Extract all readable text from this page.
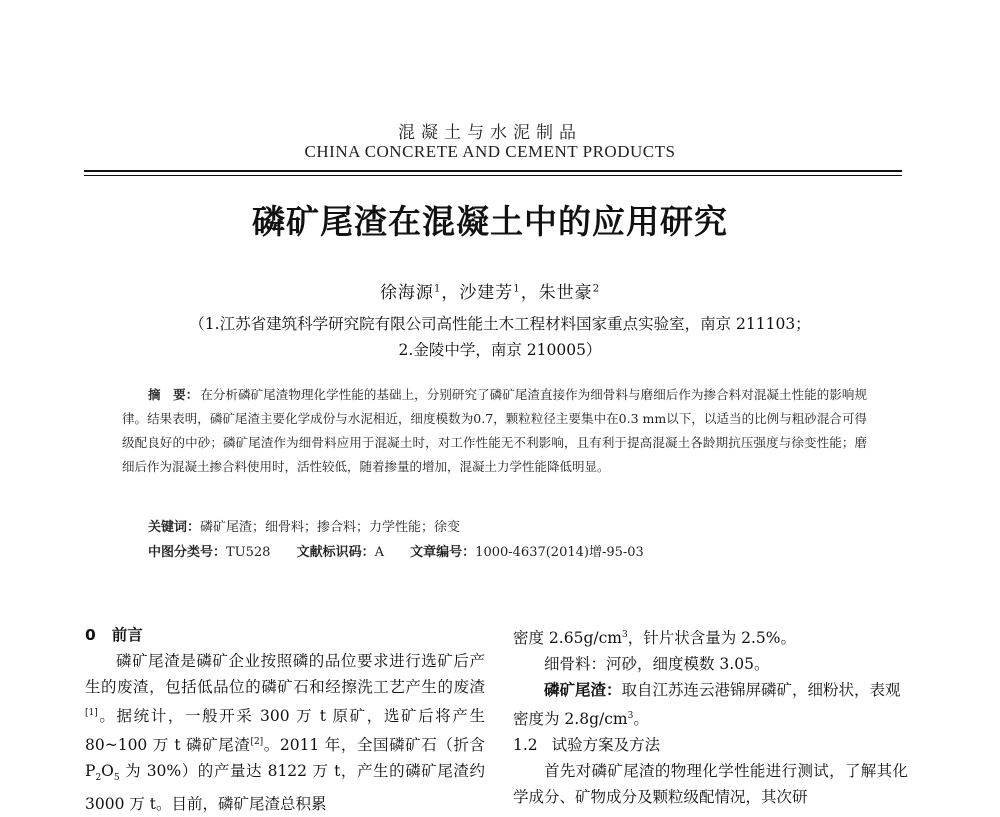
混凝土与水泥制品
CHINA CONCRETE AND CEMENT PRODUCTS
磷矿尾渣在混凝土中的应用研究
徐海源$^1$，沙建芳$^1$，朱世豪$^2$
（1.江苏省建筑科学研究院有限公司高性能土木工程材料国家重点实验室，南京 211103；
2.金陵中学，南京 210005）
摘　要： 在分析磷矿尾渣物理化学性能的基础上，分别研究了磷矿尾渣直接作为细骨料与磨细后作为掺合料对混凝土性能的影响规律。结果表明，磷矿尾渣主要化学成份与水泥相近，细度模数为0.7，颗粒粒径主要集中在0.3 mm以下，以适当的比例与粗砂混合可得级配良好的中砂；磷矿尾渣作为细骨料应用于混凝土时，对工作性能无不利影响，且有利于提高混凝土各龄期抗压强度与徐变性能；磨细后作为混凝土掺合料使用时，活性较低，随着掺量的增加，混凝土力学性能降低明显。
关键词：磷矿尾渣；细骨料；掺合料；力学性能；徐变
中图分类号：TU528 文献标识码：A 文章编号：1000-4637(2014)增-95-03
0 前言

磷矿尾渣是磷矿企业按照磷的品位要求进行选矿后产生的废渣，包括低品位的磷矿石和经擦洗工艺产生的废渣[1]。据统计，一般开采 300 万 t 原矿，选矿后将产生 80~100 万 t 磷矿尾渣[2]。2011 年，全国磷矿石（折含 $P_2O_5$ 为 30%）的产量达 8122 万 t，产生的磷矿尾渣约 3000 万 t。目前，磷矿尾渣总积累

密度 $2.65g/cm^3$，针片状含量为 2.5%。

细骨料：河砂，细度模数 3.05。

磷矿尾渣：取自江苏连云港锦屏磷矿，细粉状，表观密度为 $2.8g/cm^3$。

1.2 试验方案及方法

首先对磷矿尾渣的物理化学性能进行测试，了解其化学成分、矿物成分及颗粒级配情况，其次研
